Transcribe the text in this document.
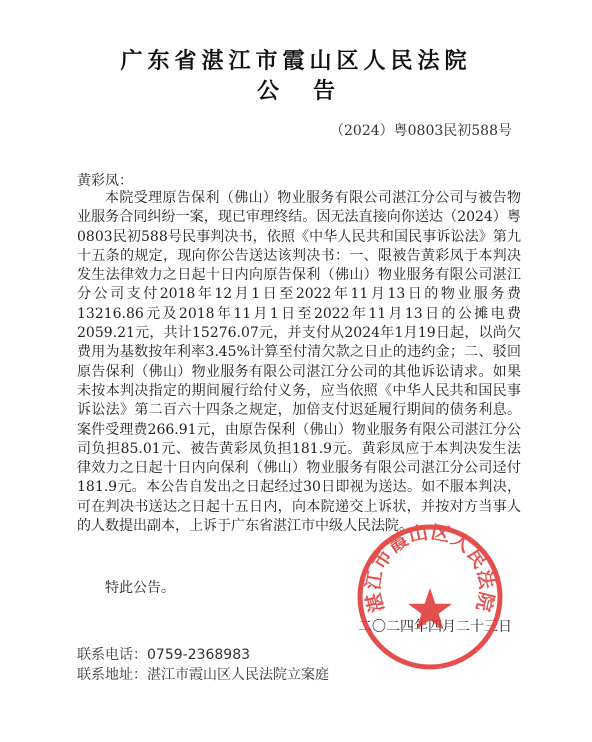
广东省湛江市霞山区人民法院
公告
（2024）粤0803民初588号
黄彩凤：

本院受理原告保利（佛山）物业服务有限公司湛江分公司与被告物业服务合同纠纷一案，现已审理终结。因无法直接向你送达（2024）粤0803民初588号民事判决书，依照《中华人民共和国民事诉讼法》第九十五条的规定，现向你公告送达该判决书：一、限被告黄彩凤于本判决发生法律效力之日起十日内向原告保利（佛山）物业服务有限公司湛江分公司支付2018年12月1日至2022年11月13日的物业服务费13216.86元及2018年11月1日至2022年11月13日的公摊电费2059.21元，共计15276.07元，并支付从2024年1月19日起，以尚欠费用为基数按年利率3.45%计算至付清欠款之日止的违约金；二、驳回原告保利（佛山）物业服务有限公司湛江分公司的其他诉讼请求。如果未按本判决指定的期间履行给付义务，应当依照《中华人民共和国民事诉讼法》第二百六十四条之规定，加倍支付迟延履行期间的债务利息。案件受理费266.91元，由原告保利（佛山）物业服务有限公司湛江分公司负担85.01元、被告黄彩凤负担181.9元。黄彩凤应于本判决发生法律效力之日起十日内向保利（佛山）物业服务有限公司湛江分公司迳付181.9元。本公告自发出之日起经过30日即视为送达。如不服本判决，可在判决书送达之日起十五日内，向本院递交上诉状，并按对方当事人的人数提出副本，上诉于广东省湛江市中级人民法院。

特此公告。
二〇二四年四月二十三日
湛江市霞山区人民法院
联系电话：0759-2368983
联系地址：湛江市霞山区人民法院立案庭
